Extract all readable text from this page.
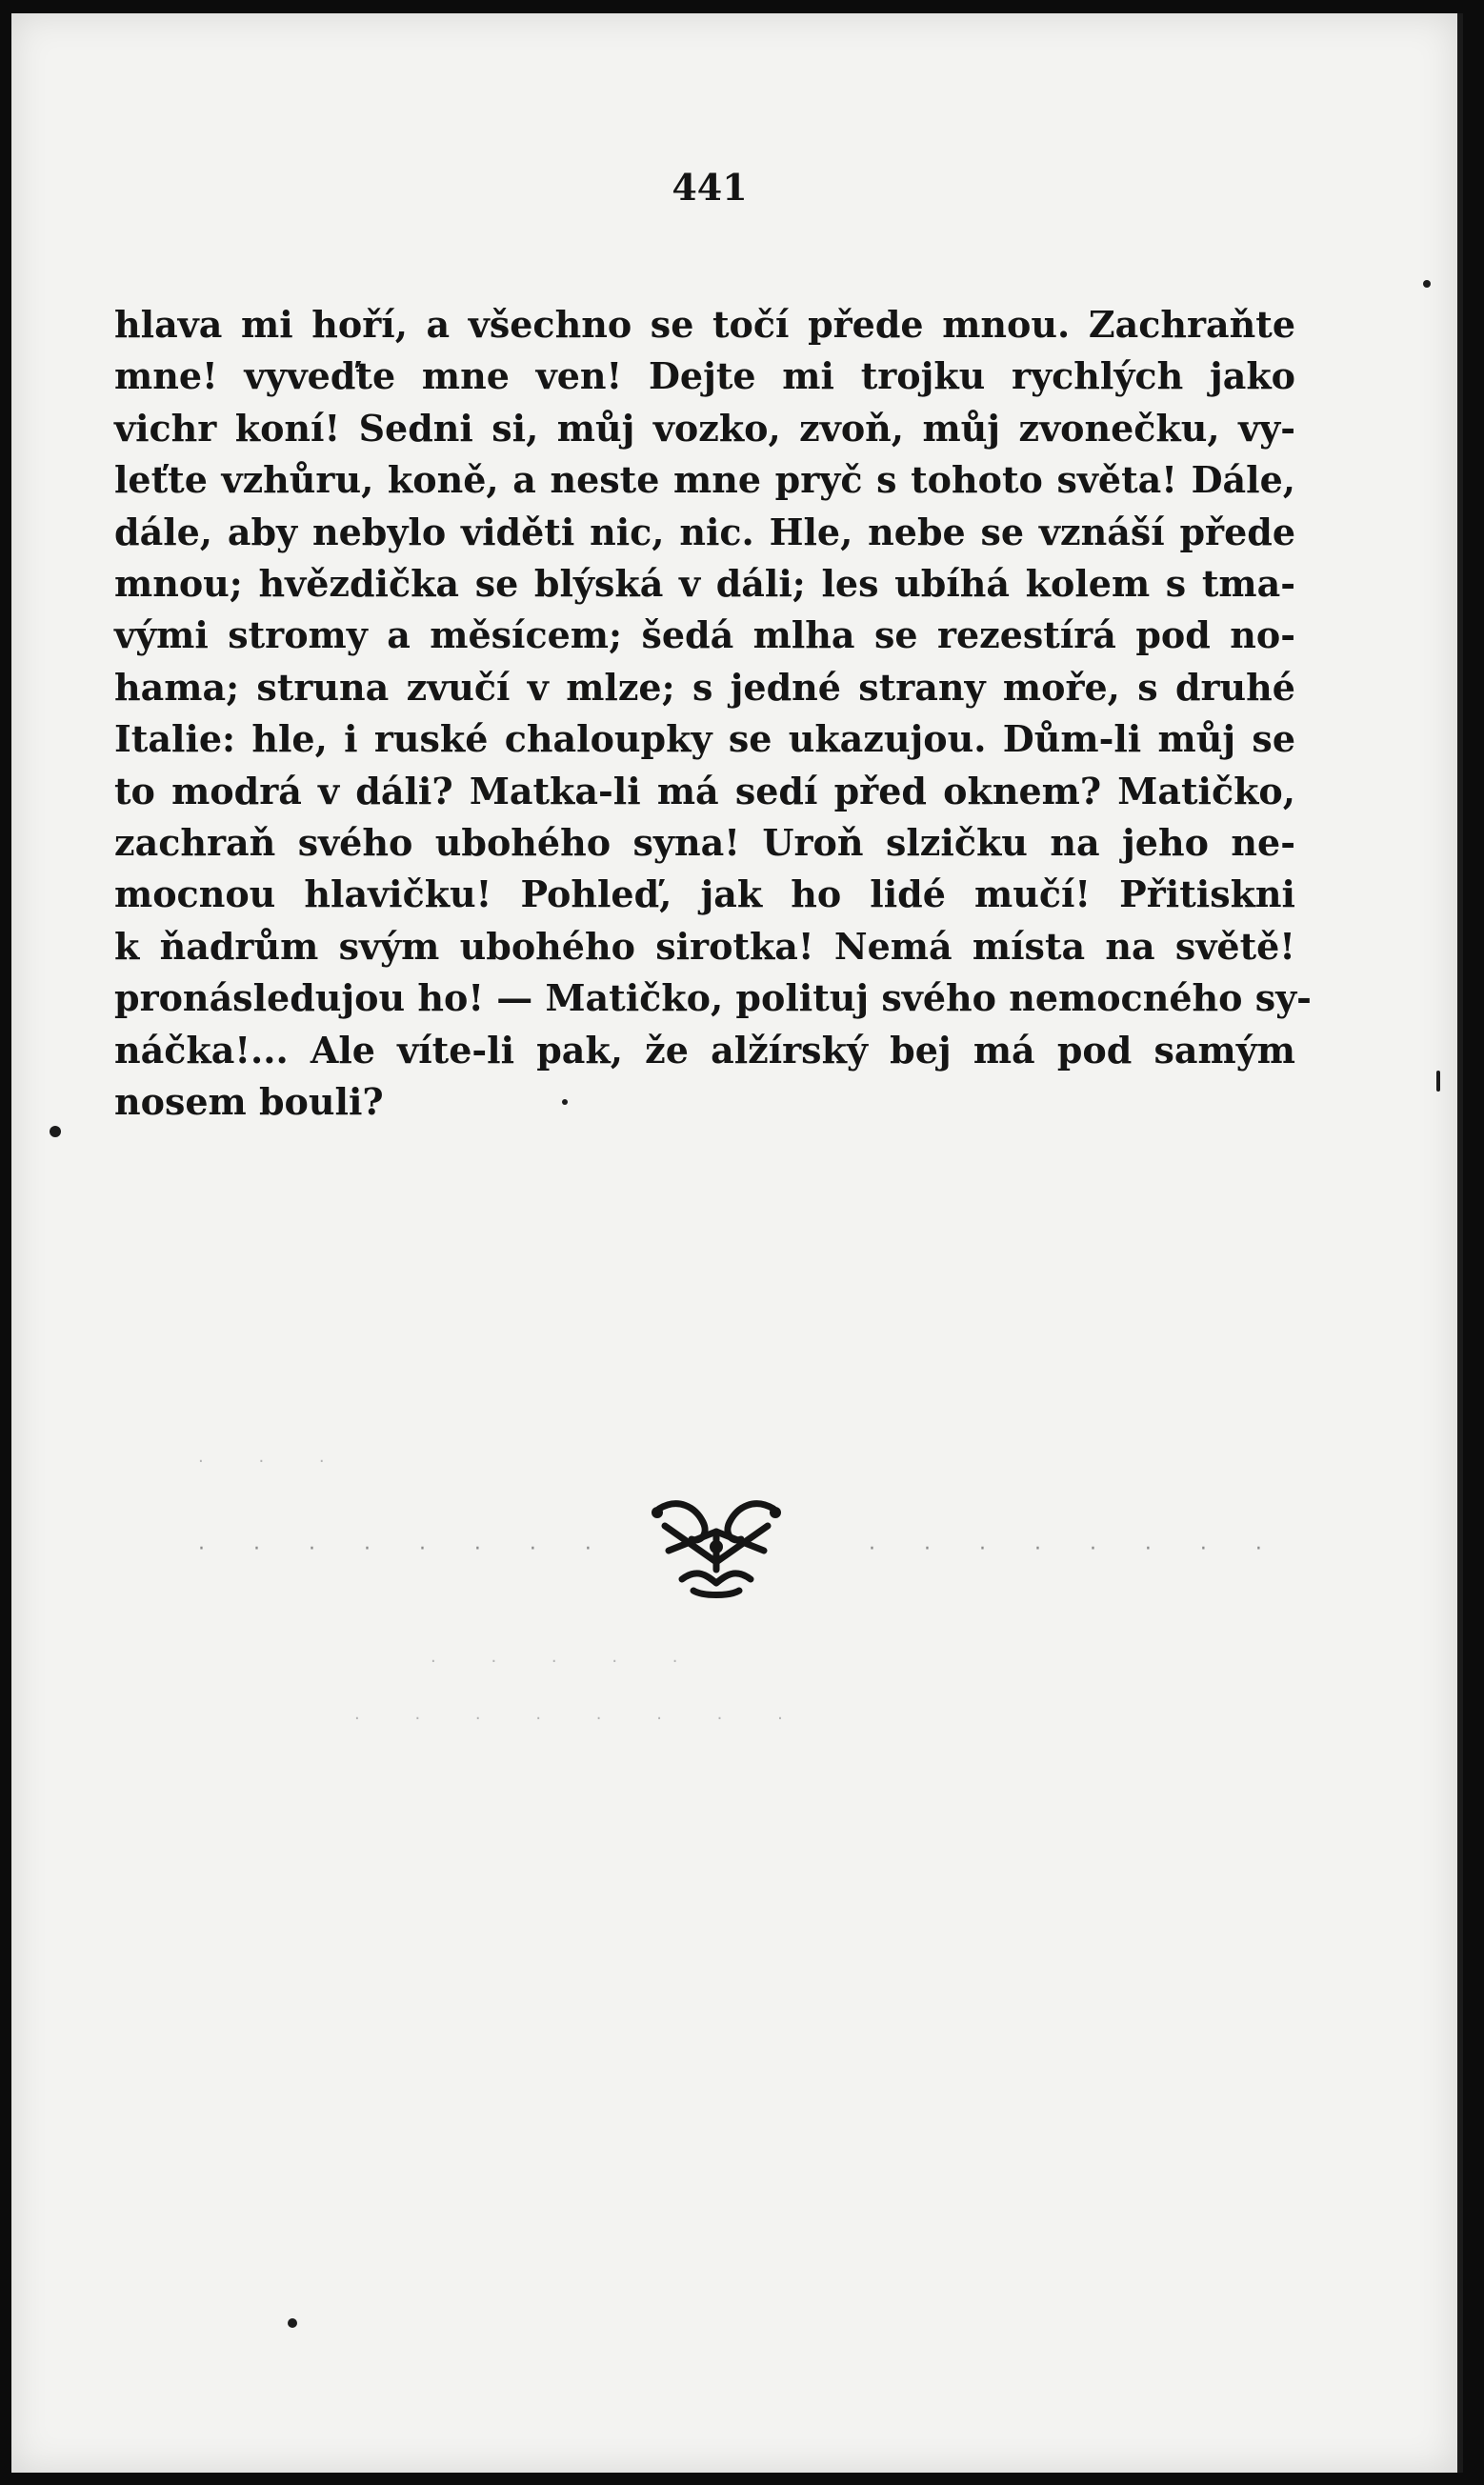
441
hlava mi hoří, a všechno se točí přede mnou. Zachraňte
mne! vyveďte mne ven! Dejte mi trojku rychlých jako
vichr koní! Sedni si, můj vozko, zvoň, můj zvonečku, vy-
leťte vzhůru, koně, a neste mne pryč s tohoto světa! Dále,
dále, aby nebylo viděti nic, nic. Hle, nebe se vznáší přede
mnou; hvězdička se blýská v dáli; les ubíhá kolem s tma-
vými stromy a měsícem; šedá mlha se rezestírá pod no-
hama; struna zvučí v mlze; s jedné strany moře, s druhé
Italie: hle, i ruské chaloupky se ukazujou. Dům-li můj se
to modrá v dáli? Matka-li má sedí před oknem? Matičko,
zachraň svého ubohého syna! Uroň slzičku na jeho ne-
mocnou hlavičku! Pohleď, jak ho lidé mučí! Přitiskni
k ňadrům svým ubohého sirotka! Nemá místa na světě!
pronásledujou ho! — Matičko, polituj svého nemocného sy-
náčka!... Ale víte-li pak, že alžírský bej má pod samým
nosem bouli?
· · · · · · · ·	· · · · · · · ·
· · ·
· · · · ·
· · · · · · · ·
